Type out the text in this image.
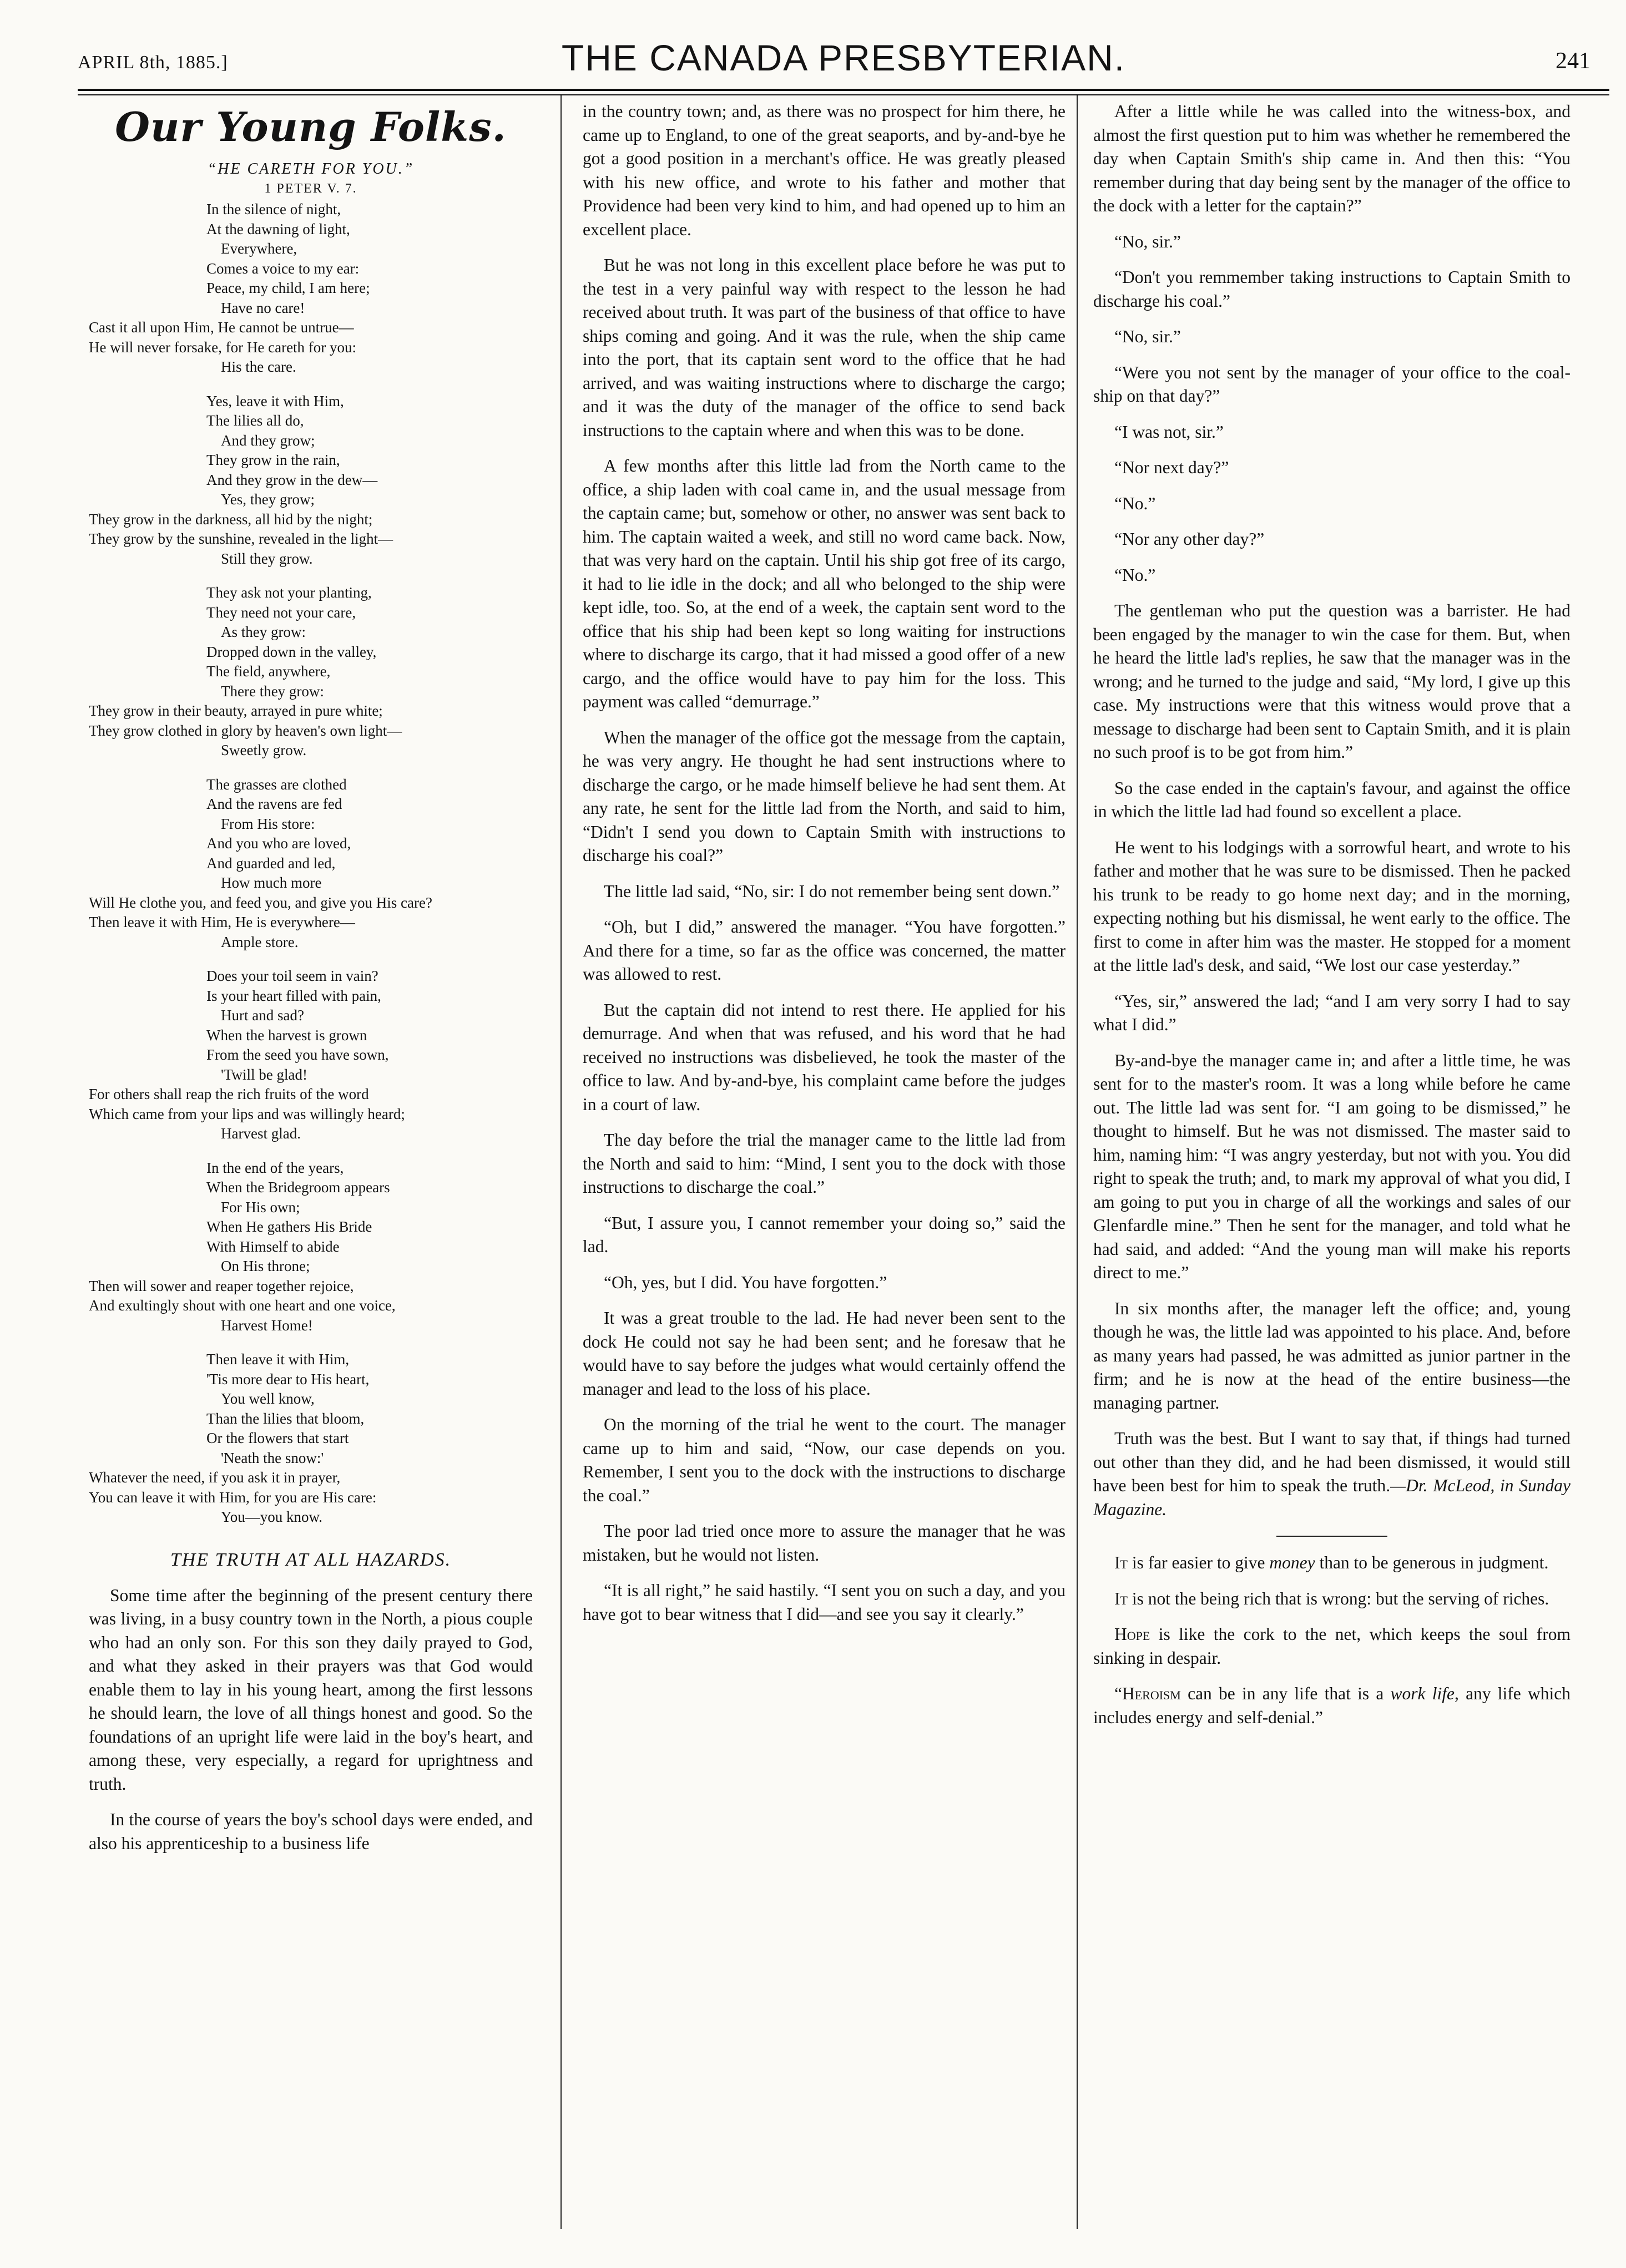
APRIL 8th, 1885.]	THE CANADA PRESBYTERIAN.	241
Our Young Folks.
“HE CARETH FOR YOU.”
1 PETER V. 7.
In the silence of night,
At the dawning of light,
Everywhere,
Comes a voice to my ear:
Peace, my child, I am here;
Have no care!
Cast it all upon Him, He cannot be untrue—
He will never forsake, for He careth for you:
His the care.
Yes, leave it with Him,
The lilies all do,
And they grow;
They grow in the rain,
And they grow in the dew—
Yes, they grow;
They grow in the darkness, all hid by the night;
They grow by the sunshine, revealed in the light—
Still they grow.
They ask not your planting,
They need not your care,
As they grow:
Dropped down in the valley,
The field, anywhere,
There they grow:
They grow in their beauty, arrayed in pure white;
They grow clothed in glory by heaven's own light—
Sweetly grow.
The grasses are clothed
And the ravens are fed
From His store:
And you who are loved,
And guarded and led,
How much more
Will He clothe you, and feed you, and give you His care?
Then leave it with Him, He is everywhere—
Ample store.
Does your toil seem in vain?
Is your heart filled with pain,
Hurt and sad?
When the harvest is grown
From the seed you have sown,
'Twill be glad!
For others shall reap the rich fruits of the word
Which came from your lips and was willingly heard;
Harvest glad.
In the end of the years,
When the Bridegroom appears
For His own;
When He gathers His Bride
With Himself to abide
On His throne;
Then will sower and reaper together rejoice,
And exultingly shout with one heart and one voice,
Harvest Home!
Then leave it with Him,
'Tis more dear to His heart,
You well know,
Than the lilies that bloom,
Or the flowers that start
'Neath the snow:'
Whatever the need, if you ask it in prayer,
You can leave it with Him, for you are His care:
You—you know.
THE TRUTH AT ALL HAZARDS.

Some time after the beginning of the present century there was living, in a busy country town in the North, a pious couple who had an only son. For this son they daily prayed to God, and what they asked in their prayers was that God would enable them to lay in his young heart, among the first lessons he should learn, the love of all things honest and good. So the foundations of an upright life were laid in the boy's heart, and among these, very especially, a regard for uprightness and truth.

In the course of years the boy's school days were ended, and also his apprenticeship to a business life

in the country town; and, as there was no prospect for him there, he came up to England, to one of the great seaports, and by-and-bye he got a good position in a merchant's office. He was greatly pleased with his new office, and wrote to his father and mother that Providence had been very kind to him, and had opened up to him an excellent place.

But he was not long in this excellent place before he was put to the test in a very painful way with respect to the lesson he had received about truth. It was part of the business of that office to have ships coming and going. And it was the rule, when the ship came into the port, that its captain sent word to the office that he had arrived, and was waiting instructions where to discharge the cargo; and it was the duty of the manager of the office to send back instructions to the captain where and when this was to be done.

A few months after this little lad from the North came to the office, a ship laden with coal came in, and the usual message from the captain came; but, somehow or other, no answer was sent back to him. The captain waited a week, and still no word came back. Now, that was very hard on the captain. Until his ship got free of its cargo, it had to lie idle in the dock; and all who belonged to the ship were kept idle, too. So, at the end of a week, the captain sent word to the office that his ship had been kept so long waiting for instructions where to discharge its cargo, that it had missed a good offer of a new cargo, and the office would have to pay him for the loss. This payment was called “demurrage.”

When the manager of the office got the message from the captain, he was very angry. He thought he had sent instructions where to discharge the cargo, or he made himself believe he had sent them. At any rate, he sent for the little lad from the North, and said to him, “Didn't I send you down to Captain Smith with instructions to discharge his coal?”

The little lad said, “No, sir: I do not remember being sent down.”

“Oh, but I did,” answered the manager. “You have forgotten.” And there for a time, so far as the office was concerned, the matter was allowed to rest.

But the captain did not intend to rest there. He applied for his demurrage. And when that was refused, and his word that he had received no instructions was disbelieved, he took the master of the office to law. And by-and-bye, his complaint came before the judges in a court of law.

The day before the trial the manager came to the little lad from the North and said to him: “Mind, I sent you to the dock with those instructions to discharge the coal.”

“But, I assure you, I cannot remember your doing so,” said the lad.

“Oh, yes, but I did. You have forgotten.”

It was a great trouble to the lad. He had never been sent to the dock He could not say he had been sent; and he foresaw that he would have to say before the judges what would certainly offend the manager and lead to the loss of his place.

On the morning of the trial he went to the court. The manager came up to him and said, “Now, our case depends on you. Remember, I sent you to the dock with the instructions to discharge the coal.”

The poor lad tried once more to assure the manager that he was mistaken, but he would not listen.

“It is all right,” he said hastily. “I sent you on such a day, and you have got to bear witness that I did—and see you say it clearly.”

After a little while he was called into the witness-box, and almost the first question put to him was whether he remembered the day when Captain Smith's ship came in. And then this: “You remember during that day being sent by the manager of the office to the dock with a letter for the captain?”

“No, sir.”

“Don't you remmember taking instructions to Captain Smith to discharge his coal.”

“No, sir.”

“Were you not sent by the manager of your office to the coal-ship on that day?”

“I was not, sir.”

“Nor next day?”

“No.”

“Nor any other day?”

“No.”

The gentleman who put the question was a barrister. He had been engaged by the manager to win the case for them. But, when he heard the little lad's replies, he saw that the manager was in the wrong; and he turned to the judge and said, “My lord, I give up this case. My instructions were that this witness would prove that a message to discharge had been sent to Captain Smith, and it is plain no such proof is to be got from him.”

So the case ended in the captain's favour, and against the office in which the little lad had found so excellent a place.

He went to his lodgings with a sorrowful heart, and wrote to his father and mother that he was sure to be dismissed. Then he packed his trunk to be ready to go home next day; and in the morning, expecting nothing but his dismissal, he went early to the office. The first to come in after him was the master. He stopped for a moment at the little lad's desk, and said, “We lost our case yesterday.”

“Yes, sir,” answered the lad; “and I am very sorry I had to say what I did.”

By-and-bye the manager came in; and after a little time, he was sent for to the master's room. It was a long while before he came out. The little lad was sent for. “I am going to be dismissed,” he thought to himself. But he was not dismissed. The master said to him, naming him: “I was angry yesterday, but not with you. You did right to speak the truth; and, to mark my approval of what you did, I am going to put you in charge of all the workings and sales of our Glenfardle mine.” Then he sent for the manager, and told what he had said, and added: “And the young man will make his reports direct to me.”

In six months after, the manager left the office; and, young though he was, the little lad was appointed to his place. And, before as many years had passed, he was admitted as junior partner in the firm; and he is now at the head of the entire business—the managing partner.

Truth was the best. But I want to say that, if things had turned out other than they did, and he had been dismissed, it would still have been best for him to speak the truth.—Dr. McLeod, in Sunday Magazine.

It is far easier to give money than to be generous in judgment.

It is not the being rich that is wrong: but the serving of riches.

Hope is like the cork to the net, which keeps the soul from sinking in despair.

“Heroism can be in any life that is a work life, any life which includes energy and self-denial.”
